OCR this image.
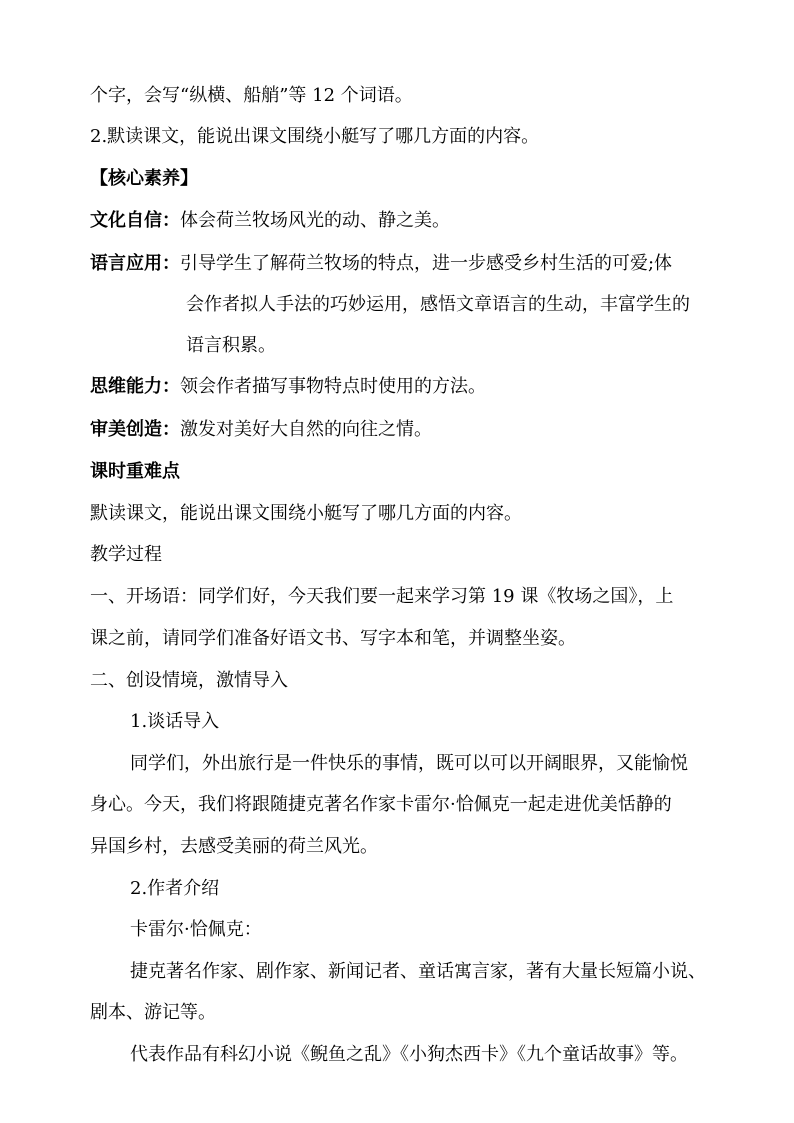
个字，会写“纵横、船艄”等 12 个词语。
2.默读课文，能说出课文围绕小艇写了哪几方面的内容。
【核心素养】
文化自信：体会荷兰牧场风光的动、静之美。
语言应用：引导学生了解荷兰牧场的特点，进一步感受乡村生活的可爱;体
会作者拟人手法的巧妙运用，感悟文章语言的生动，丰富学生的
语言积累。
思维能力：领会作者描写事物特点时使用的方法。
审美创造：激发对美好大自然的向往之情。
课时重难点
默读课文，能说出课文围绕小艇写了哪几方面的内容。
教学过程
一、开场语：同学们好，今天我们要一起来学习第 19 课《牧场之国》，上
课之前，请同学们准备好语文书、写字本和笔，并调整坐姿。
二、创设情境，激情导入
1.谈话导入
同学们，外出旅行是一件快乐的事情，既可以可以开阔眼界，又能愉悦
身心。今天，我们将跟随捷克著名作家卡雷尔·恰佩克一起走进优美恬静的
异国乡村，去感受美丽的荷兰风光。
2.作者介绍
卡雷尔·恰佩克：
捷克著名作家、剧作家、新闻记者、童话寓言家，著有大量长短篇小说、
剧本、游记等。
代表作品有科幻小说《鲵鱼之乱》《小狗杰西卡》《九个童话故事》等。
